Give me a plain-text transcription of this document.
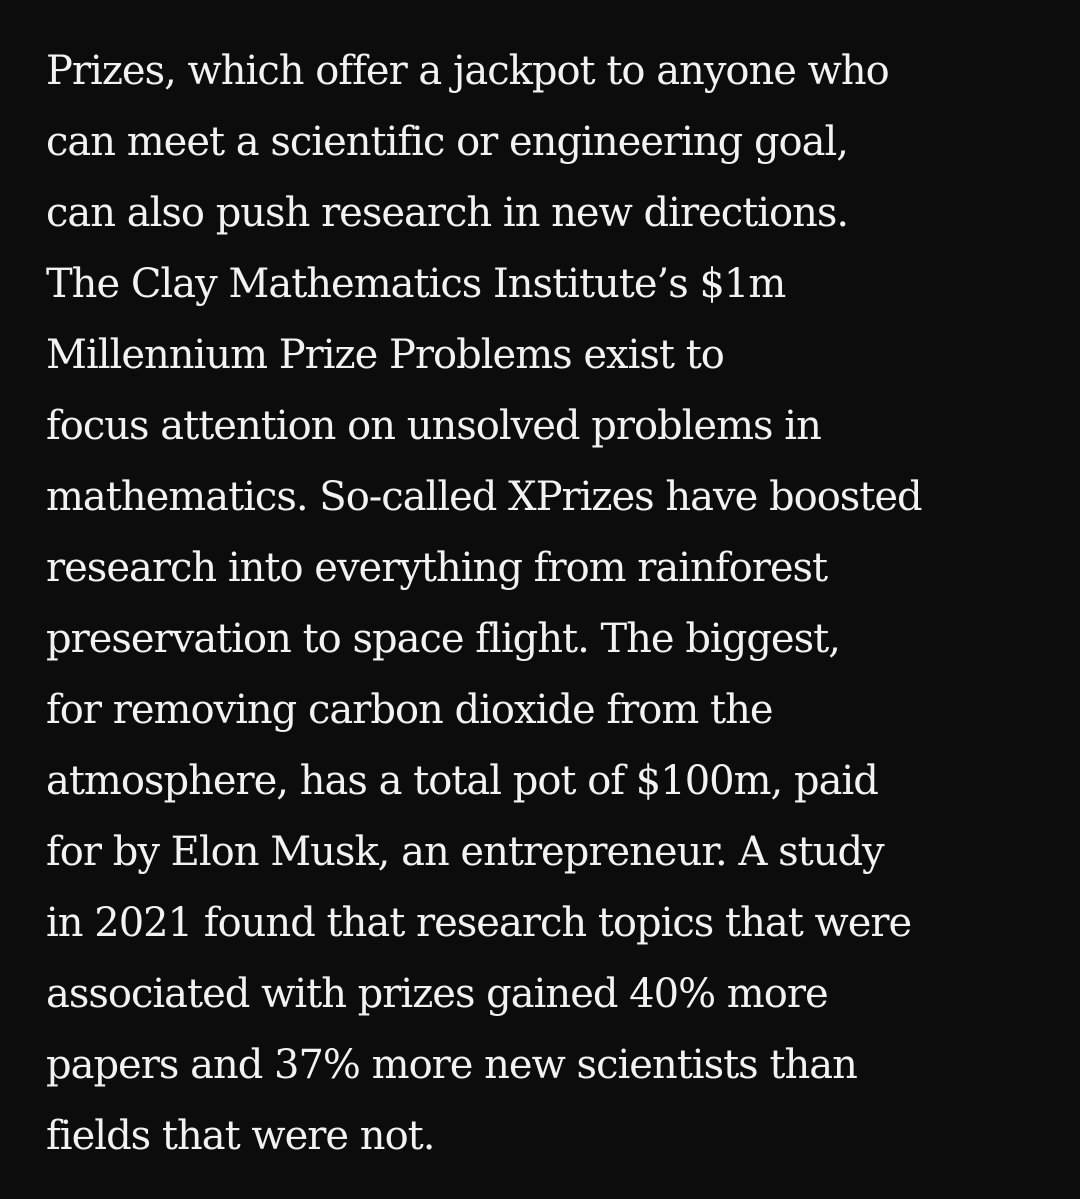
Prizes, which offer a jackpot to anyone who
can meet a scientific or engineering goal,
can also push research in new directions.
The Clay Mathematics Institute’s $1m
Millennium Prize Problems exist to
focus attention on unsolved problems in
mathematics. So-called XPrizes have boosted
research into everything from rainforest
preservation to space flight. The biggest,
for removing carbon dioxide from the
atmosphere, has a total pot of $100m, paid
for by Elon Musk, an entrepreneur. A study
in 2021 found that research topics that were
associated with prizes gained 40% more
papers and 37% more new scientists than
fields that were not.
